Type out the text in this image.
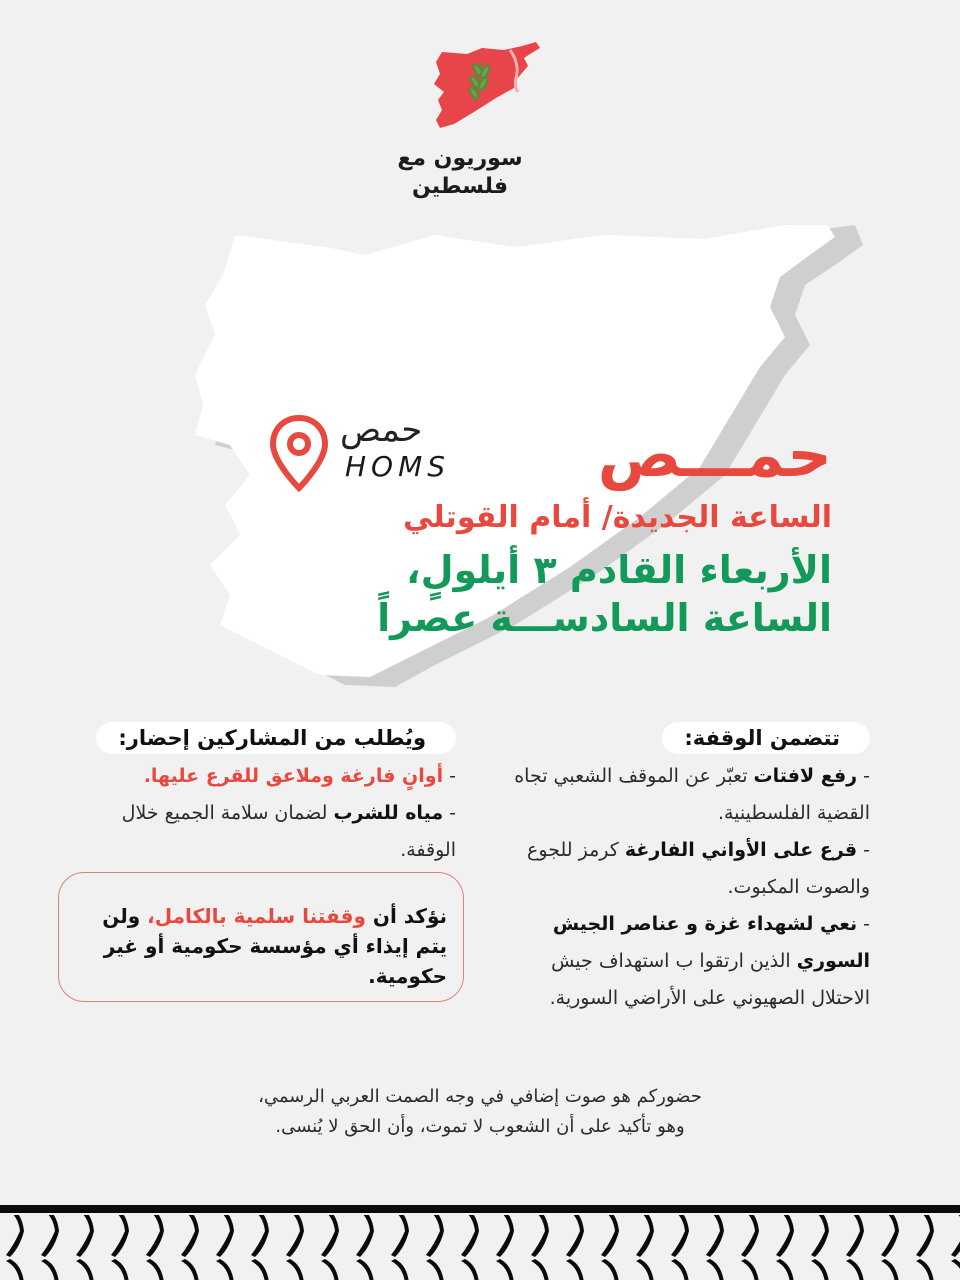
سوريون مع
فلسطين
حمص
HOMS حمـــص
الساعة الجديدة/ أمام القوتلي
الأربعاء القادم ٣ أيلولٍ،
الساعة السادســـة عصراً
تتضمن الوقفة:
- رفع لافتات تعبّر عن الموقف الشعبي تجاه القضية الفلسطينية.
- قرع على الأواني الفارغة كرمز للجوع والصوت المكبوت.
- نعي لشهداء غزة و عناصر الجيش السوري الذين ارتقوا ب استهداف جيش الاحتلال الصهيوني على الأراضي السورية.
ويُطلب من المشاركين إحضار:
- أوانٍ فارغة وملاعق للقرع عليها.
- مياه للشرب لضمان سلامة الجميع خلال الوقفة.
نؤكد أن وقفتنا سلمية بالكامل، ولن يتم إيذاء أي مؤسسة حكومية أو غير حكومية.
حضوركم هو صوت إضافي في وجه الصمت العربي الرسمي،
وهو تأكيد على أن الشعوب لا تموت، وأن الحق لا يُنسى.
